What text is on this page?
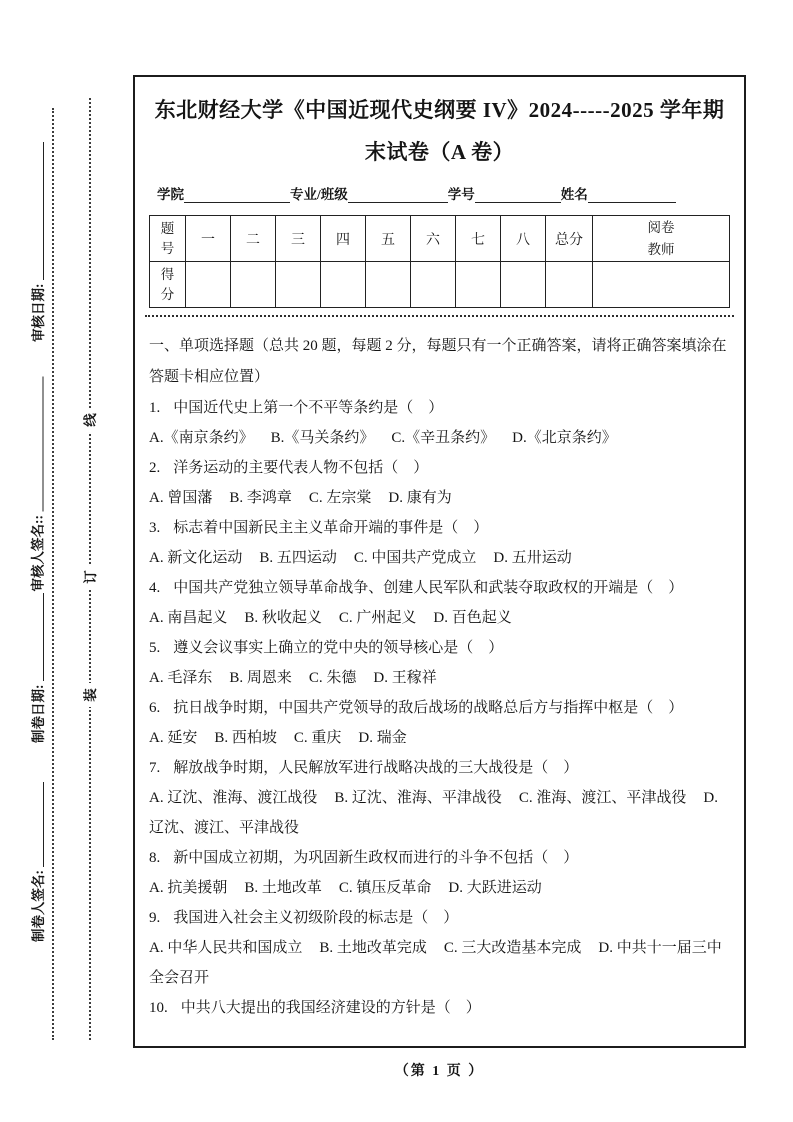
审核日期:
审核人签名::
制卷日期:
制卷人签名:
线
订
装
东北财经大学《中国近现代史纲要 IV》2024-----2025 学年期末试卷（A 卷）
学院	专业/班级	学号	姓名
题号	一	二	三	四	五	六	七	八	总分	阅卷教师
得分										

一、单项选择题（总共 20 题，每题 2 分，每题只有一个正确答案，请将正确答案填涂在答题卡相应位置）

1. 中国近代史上第一个不平等条约是（　）

A.《南京条约》 B.《马关条约》 C.《辛丑条约》 D.《北京条约》

2. 洋务运动的主要代表人物不包括（　）

A. 曾国藩 B. 李鸿章 C. 左宗棠 D. 康有为

3. 标志着中国新民主主义革命开端的事件是（　）

A. 新文化运动 B. 五四运动 C. 中国共产党成立 D. 五卅运动

4. 中国共产党独立领导革命战争、创建人民军队和武装夺取政权的开端是（　）

A. 南昌起义 B. 秋收起义 C. 广州起义 D. 百色起义

5. 遵义会议事实上确立的党中央的领导核心是（　）

A. 毛泽东 B. 周恩来 C. 朱德 D. 王稼祥

6. 抗日战争时期，中国共产党领导的敌后战场的战略总后方与指挥中枢是（　）

A. 延安 B. 西柏坡 C. 重庆 D. 瑞金

7. 解放战争时期，人民解放军进行战略决战的三大战役是（　）

A. 辽沈、淮海、渡江战役 B. 辽沈、淮海、平津战役 C. 淮海、渡江、平津战役 D. 辽沈、渡江、平津战役

8. 新中国成立初期，为巩固新生政权而进行的斗争不包括（　）

A. 抗美援朝 B. 土地改革 C. 镇压反革命 D. 大跃进运动

9. 我国进入社会主义初级阶段的标志是（　）

A. 中华人民共和国成立 B. 土地改革完成 C. 三大改造基本完成 D. 中共十一届三中全会召开

10. 中共八大提出的我国经济建设的方针是（　）

（第 1 页 ）
